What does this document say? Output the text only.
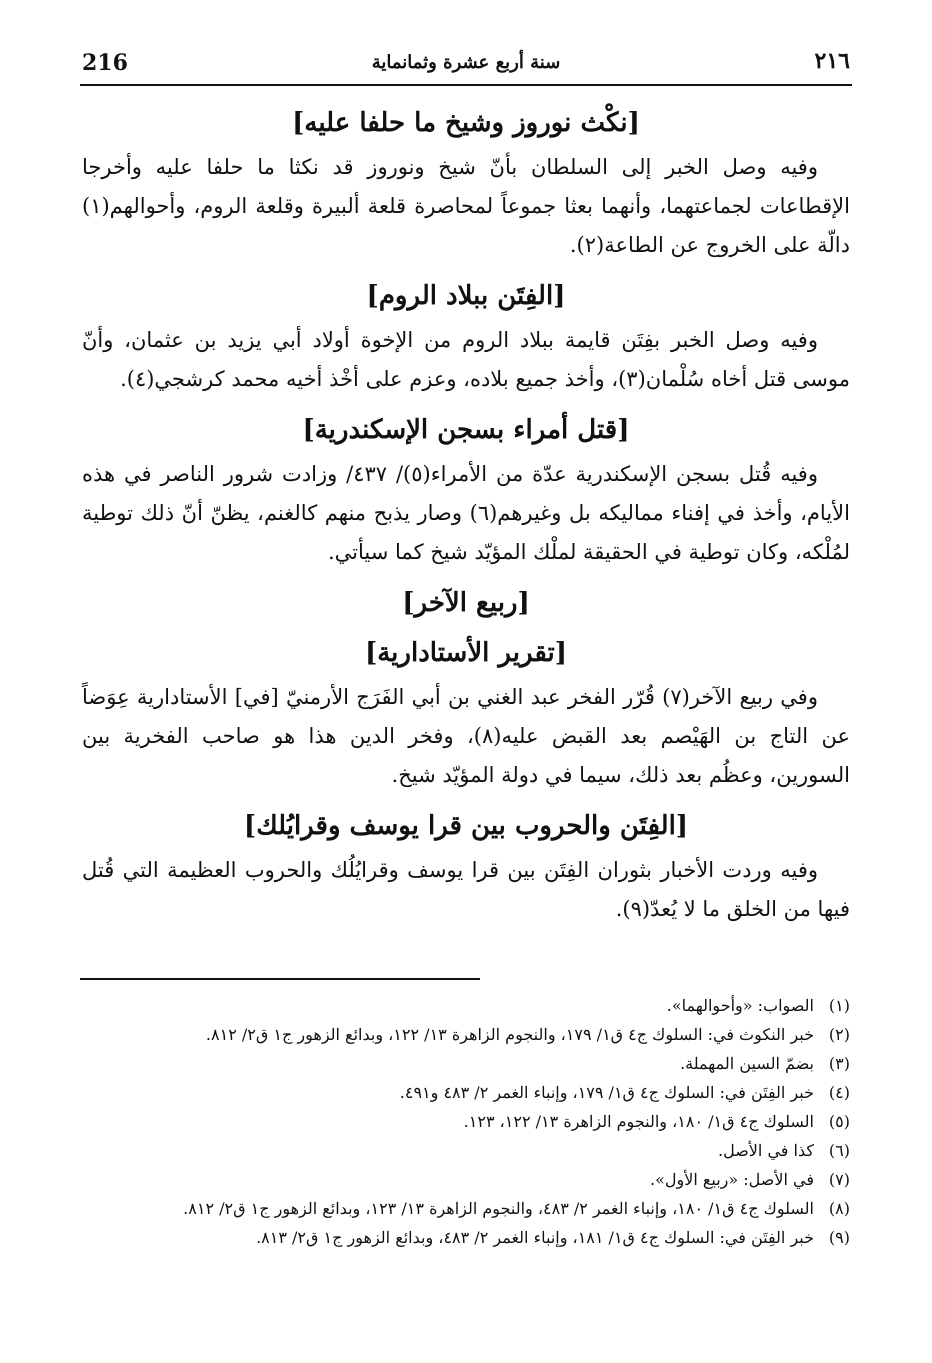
216	سنة أربع عشرة وثمانماية	٢١٦
[نكْث نوروز وشيخ ما حلفا عليه]

وفيه وصل الخبر إلى السلطان بأنّ شيخ ونوروز قد نكثا ما حلفا عليه وأخرجا الإقطاعات لجماعتهما، وأنهما بعثا جموعاً لمحاصرة قلعة ألبيرة وقلعة الروم، وأحوالهم(١) دالّة على الخروج عن الطاعة(٢).

[الفِتَن ببلاد الروم]

وفيه وصل الخبر بفِتَن قايمة ببلاد الروم من الإخوة أولاد أبي يزيد بن عثمان، وأنّ موسى قتل أخاه سُلْمان(٣)، وأخذ جميع بلاده، وعزم على أخْذ أخيه محمد كرشجي(٤).

[قتل أمراء بسجن الإسكندرية]

وفيه قُتل بسجن الإسكندرية عدّة من الأمراء(٥)/ ٤٣٧/ وزادت شرور الناصر في هذه الأيام، وأخذ في إفناء مماليكه بل وغيرهم(٦) وصار يذبح منهم كالغنم، يظنّ أنّ ذلك توطية لمُلْكه، وكان توطية في الحقيقة لملْك المؤيّد شيخ كما سيأتي.

[ربيع الآخر]
[تقرير الأستادارية]

وفي ربيع الآخر(٧) قُرّر الفخر عبد الغني بن أبي الفَرَج الأرمنيّ [في] الأستادارية عِوَضاً عن التاج بن الهَيْصم بعد القبض عليه(٨)، وفخر الدين هذا هو صاحب الفخرية بين السورين، وعظُم بعد ذلك، سيما في دولة المؤيّد شيخ.

[الفِتَن والحروب بين قرا يوسف وقرايُلك]

وفيه وردت الأخبار بثوران الفِتَن بين قرا يوسف وقرايُلُك والحروب العظيمة التي قُتل فيها من الخلق ما لا يُعدّ(٩).

(١)
الصواب: «وأحوالهما».
(٢)
خبر النكوث في: السلوك ج٤ ق١/ ١٧٩، والنجوم الزاهرة ١٣/ ١٢٢، وبدائع الزهور ج١ ق٢/ ٨١٢.
(٣)
بضمّ السين المهملة.
(٤)
خبر الفِتَن في: السلوك ج٤ ق١/ ١٧٩، وإنباء الغمر ٢/ ٤٨٣ و٤٩١.
(٥)
السلوك ج٤ ق١/ ١٨٠، والنجوم الزاهرة ١٣/ ١٢٢، ١٢٣.
(٦)
كذا في الأصل.
(٧)
في الأصل: «ربيع الأول».
(٨)
السلوك ج٤ ق١/ ١٨٠، وإنباء الغمر ٢/ ٤٨٣، والنجوم الزاهرة ١٣/ ١٢٣، وبدائع الزهور ج١ ق٢/ ٨١٢.
(٩)
خبر الفِتَن في: السلوك ج٤ ق١/ ١٨١، وإنباء الغمر ٢/ ٤٨٣، وبدائع الزهور ج١ ق٢/ ٨١٣.
